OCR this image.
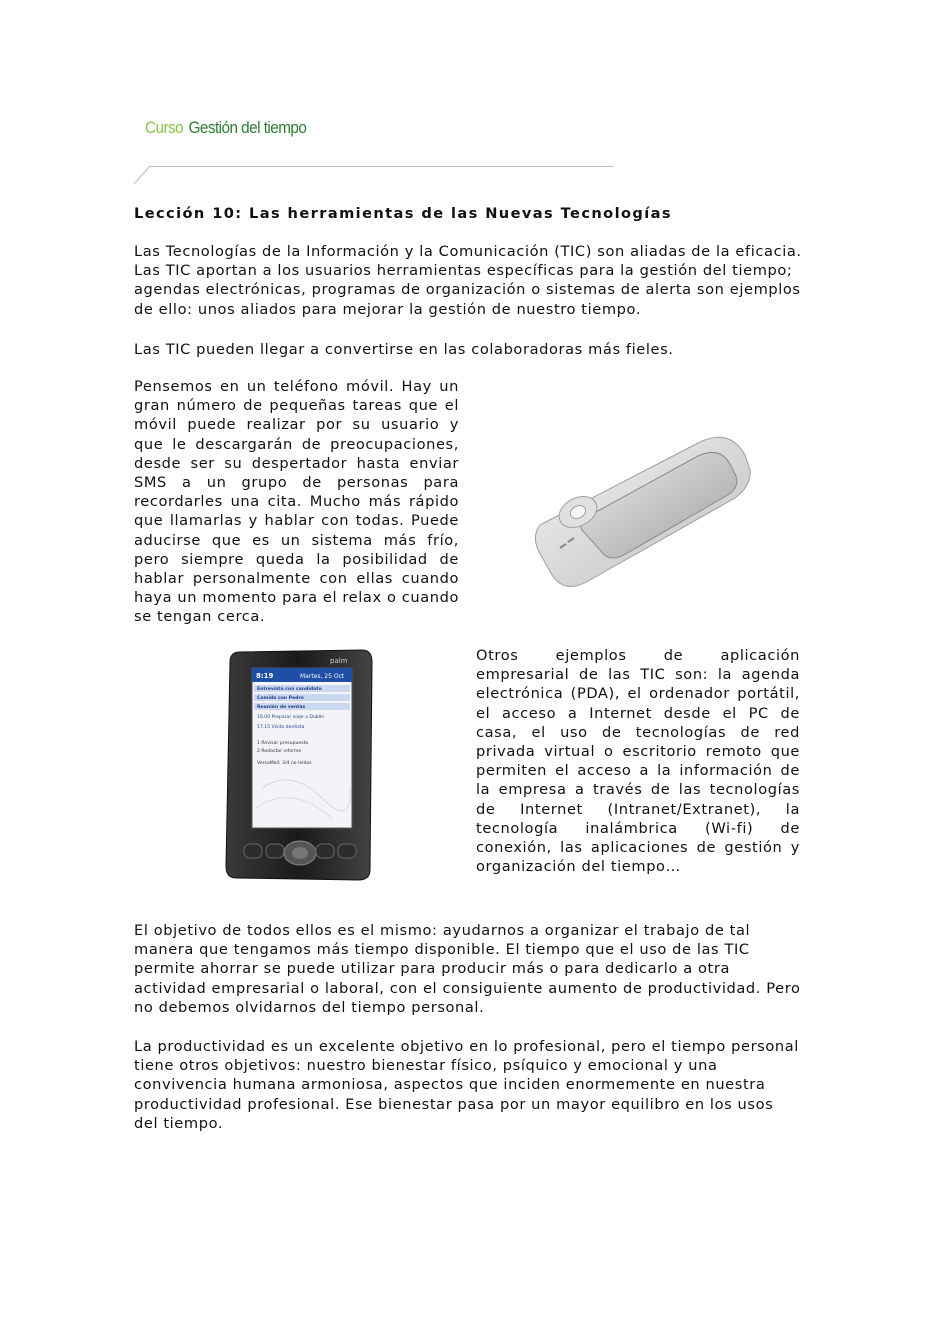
Curso Gestión del tiempo
Lección 10: Las herramientas de las Nuevas Tecnologías

Las Tecnologías de la Información y la Comunicación (TIC) son aliadas de la eficacia. Las TIC aportan a los usuarios herramientas específicas para la gestión del tiempo; agendas electrónicas, programas de organización o sistemas de alerta son ejemplos de ello: unos aliados para mejorar la gestión de nuestro tiempo.

Las TIC pueden llegar a convertirse en las colaboradoras más fieles.

Pensemos en un teléfono móvil. Hay un gran número de pequeñas tareas que el móvil puede realizar por su usuario y que le descargarán de preocupaciones, desde ser su despertador hasta enviar SMS a un grupo de personas para recordarles una cita. Mucho más rápido que llamarlas y hablar con todas. Puede aducirse que es un sistema más frío, pero siempre queda la posibilidad de hablar personalmente con ellas cuando haya un momento para el relax o cuando se tengan cerca.

palm
8:19	Martes, 25 Oct
Entrevista con candidato
Comida con Pedro
Reunión de ventas
16.00 Preparar viaje a Dublín
17.15 Visita dentista
1 Revisar presupuesto
2 Redactar informe
VersaMail: 3/4 no leídos

Otros ejemplos de aplicación empresarial de las TIC son: la agenda electrónica (PDA), el ordenador portátil, el acceso a Internet desde el PC de casa, el uso de tecnologías de red privada virtual o escritorio remoto que permiten el acceso a la información de la empresa a través de las tecnologías de Internet (Intranet/Extranet), la tecnología inalámbrica (Wi-fi) de conexión, las aplicaciones de gestión y organización del tiempo…

El objetivo de todos ellos es el mismo: ayudarnos a organizar el trabajo de tal manera que tengamos más tiempo disponible. El tiempo que el uso de las TIC permite ahorrar se puede utilizar para producir más o para dedicarlo a otra actividad empresarial o laboral, con el consiguiente aumento de productividad. Pero no debemos olvidarnos del tiempo personal.

La productividad es un excelente objetivo en lo profesional, pero el tiempo personal tiene otros objetivos: nuestro bienestar físico, psíquico y emocional y una convivencia humana armoniosa, aspectos que inciden enormemente en nuestra productividad profesional. Ese bienestar pasa por un mayor equilibro en los usos del tiempo.
